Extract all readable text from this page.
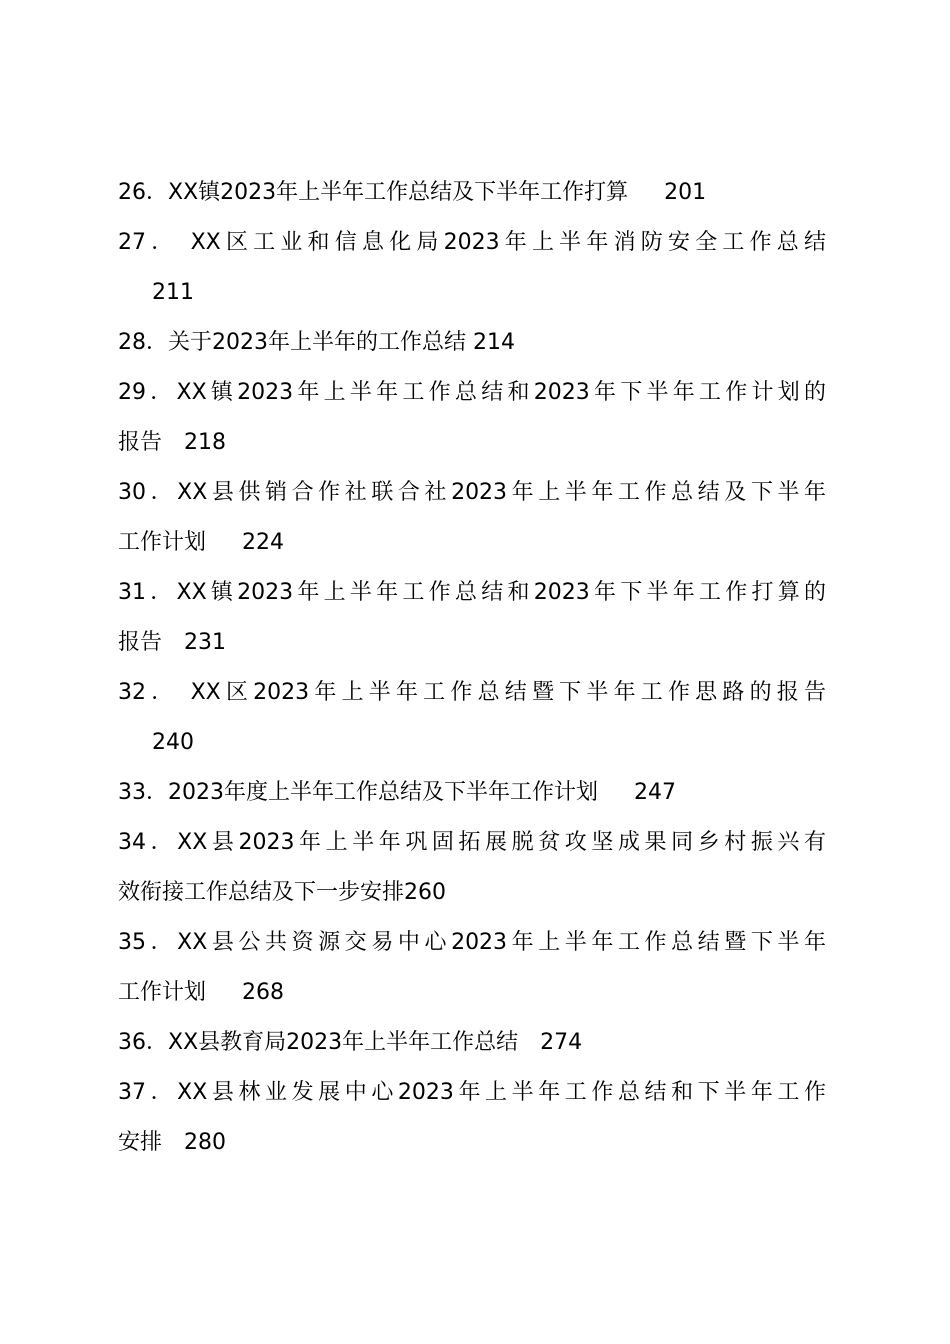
26．XX镇2023年上半年工作总结及下半年工作打算 201
27． XX区工业和信息化局2023年上半年消防安全工作总结
211
28．关于2023年上半年的工作总结 214
29．XX镇2023年上半年工作总结和2023年下半年工作计划的
报告 218
30．XX县供销合作社联合社2023年上半年工作总结及下半年
工作计划 224
31．XX镇2023年上半年工作总结和2023年下半年工作打算的
报告 231
32． XX区2023年上半年工作总结暨下半年工作思路的报告
240
33．2023年度上半年工作总结及下半年工作计划 247
34．XX县2023年上半年巩固拓展脱贫攻坚成果同乡村振兴有
效衔接工作总结及下一步安排260
35．XX县公共资源交易中心2023年上半年工作总结暨下半年
工作计划 268
36．XX县教育局2023年上半年工作总结 274
37．XX县林业发展中心2023年上半年工作总结和下半年工作
安排 280
